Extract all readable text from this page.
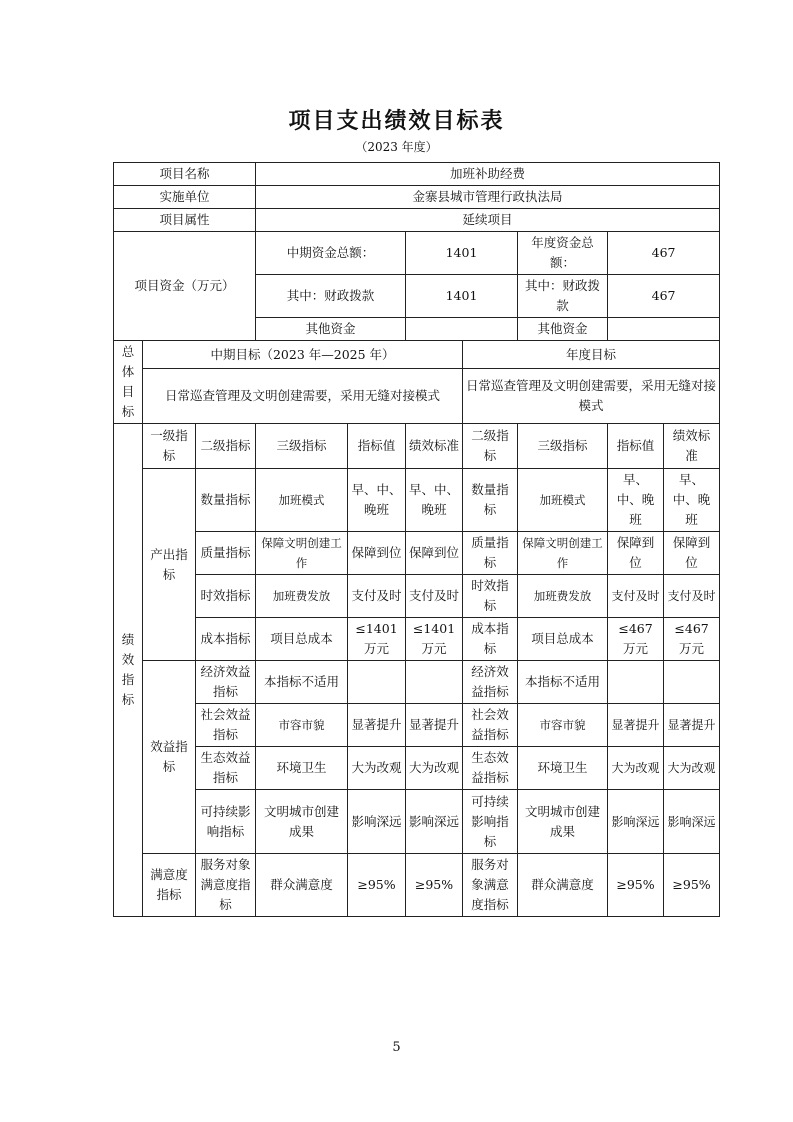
项目支出绩效目标表
（2023 年度）
项目名称			加班补助经费						
实施单位			金寨县城市管理行政执法局						
项目属性			延续项目						
项目资金（万元）			中期资金总额：		1401		年度资金总额：	467	
			其中：财政拨款		1401		其中：财政拨款	467	
			其他资金				其他资金		
总体目标	中期目标（2023 年—2025 年）					年度目标			
	日常巡查管理及文明创建需要，采用无缝对接模式					日常巡查管理及文明创建需要，采用无缝对接模式			
绩效指标	一级指标	二级指标	三级指标	指标值	绩效标准	二级指标	三级指标	指标值	绩效标准
	产出指标	数量指标	加班模式	早、中、晚班	早、中、晚班	数量指标	加班模式	早、中、晚班	早、中、晚班
		质量指标	保障文明创建工作	保障到位	保障到位	质量指标	保障文明创建工作	保障到位	保障到位
		时效指标	加班费发放	支付及时	支付及时	时效指标	加班费发放	支付及时	支付及时
		成本指标	项目总成本	≤1401万元	≤1401万元	成本指标	项目总成本	≤467 万元	≤467 万元
	效益指标	经济效益指标	本指标不适用			经济效益指标	本指标不适用		
		社会效益指标	市容市貌	显著提升	显著提升	社会效益指标	市容市貌	显著提升	显著提升
		生态效益指标	环境卫生	大为改观	大为改观	生态效益指标	环境卫生	大为改观	大为改观
		可持续影响指标	文明城市创建成果	影响深远	影响深远	可持续影响指标	文明城市创建成果	影响深远	影响深远
	满意度指标	服务对象满意度指标	群众满意度	≥95%	≥95%	服务对象满意度指标	群众满意度	≥95%	≥95%
5
